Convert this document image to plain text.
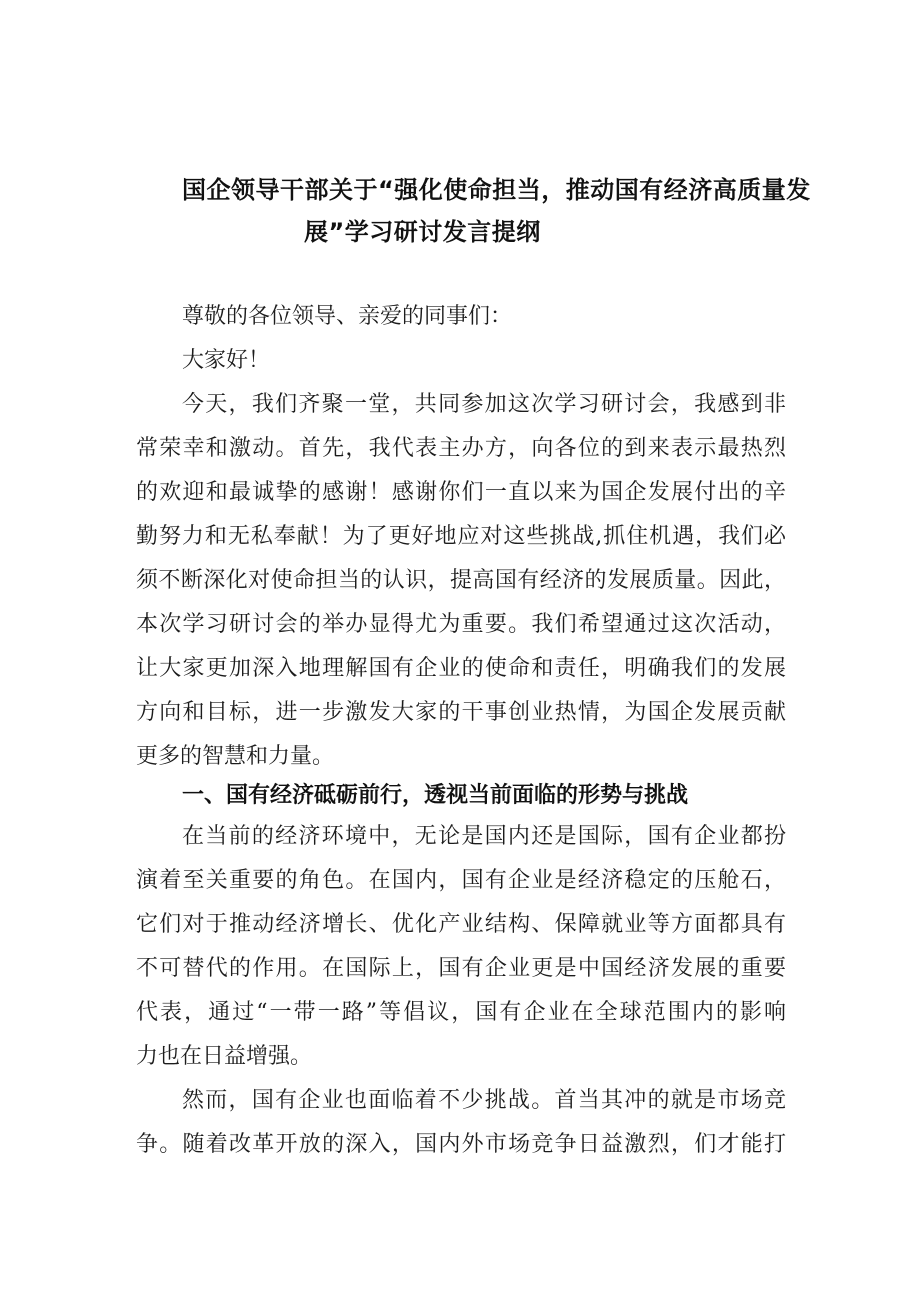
国企领导干部关于“强化使命担当，推动国有经济高质量发
展”学习研讨发言提纲
尊敬的各位领导、亲爱的同事们：
大家好！
今天，我们齐聚一堂，共同参加这次学习研讨会，我感到非
常荣幸和激动。首先，我代表主办方，向各位的到来表示最热烈
的欢迎和最诚挚的感谢！感谢你们一直以来为国企发展付出的辛
勤努力和无私奉献！为了更好地应对这些挑战,抓住机遇，我们必
须不断深化对使命担当的认识，提高国有经济的发展质量。因此，
本次学习研讨会的举办显得尤为重要。我们希望通过这次活动，
让大家更加深入地理解国有企业的使命和责任，明确我们的发展
方向和目标，进一步激发大家的干事创业热情，为国企发展贡献
更多的智慧和力量。
一、国有经济砥砺前行，透视当前面临的形势与挑战
在当前的经济环境中，无论是国内还是国际，国有企业都扮
演着至关重要的角色。在国内，国有企业是经济稳定的压舱石，
它们对于推动经济增长、优化产业结构、保障就业等方面都具有
不可替代的作用。在国际上，国有企业更是中国经济发展的重要
代表，通过“一带一路”等倡议，国有企业在全球范围内的影响
力也在日益增强。
然而，国有企业也面临着不少挑战。首当其冲的就是市场竞
争。随着改革开放的深入，国内外市场竞争日益激烈，们才能打
